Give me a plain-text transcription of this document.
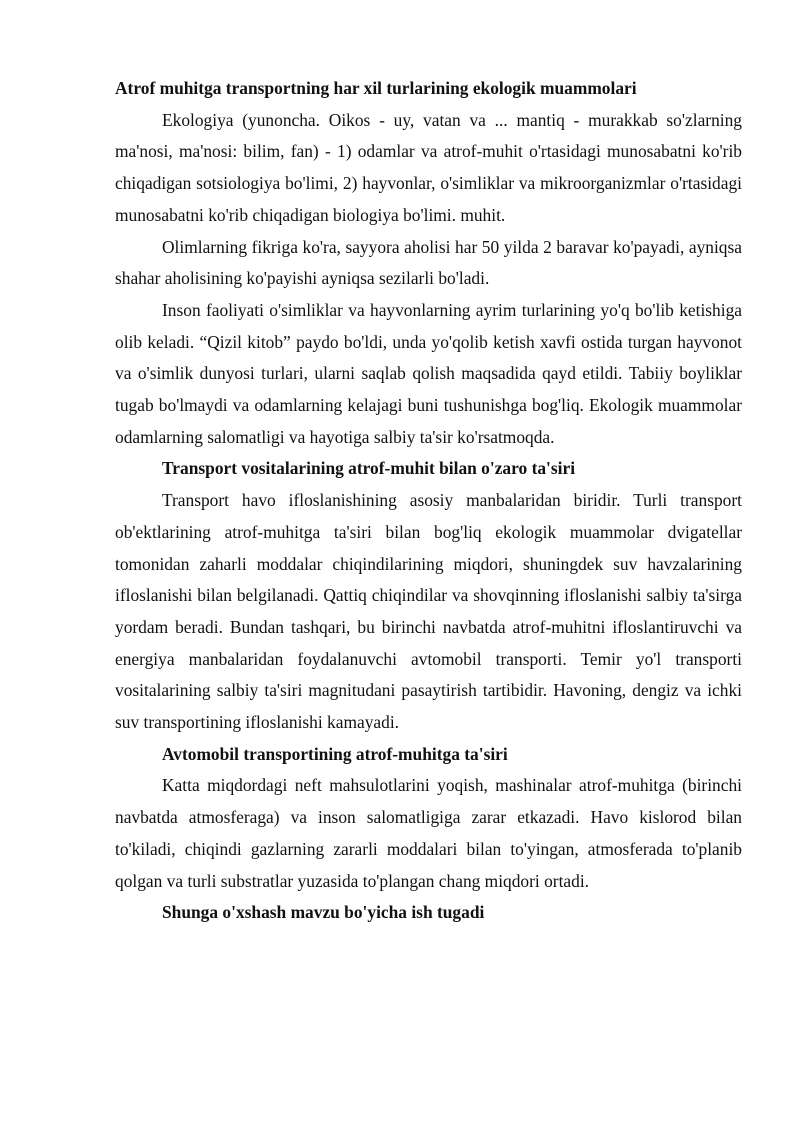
Atrof muhitga transportning har xil turlarining ekologik muammolari

Ekologiya (yunoncha. Oikos - uy, vatan va ... mantiq - murakkab so'zlarning ma'nosi, ma'nosi: bilim, fan) - 1) odamlar va atrof-muhit o'rtasidagi munosabatni ko'rib chiqadigan sotsiologiya bo'limi, 2) hayvonlar, o'simliklar va mikroorganizmlar o'rtasidagi munosabatni ko'rib chiqadigan biologiya bo'limi. muhit.

Olimlarning fikriga ko'ra, sayyora aholisi har 50 yilda 2 baravar ko'payadi, ayniqsa shahar aholisining ko'payishi ayniqsa sezilarli bo'ladi.

Inson faoliyati o'simliklar va hayvonlarning ayrim turlarining yo'q bo'lib ketishiga olib keladi. “Qizil kitob” paydo bo'ldi, unda yo'qolib ketish xavfi ostida turgan hayvonot va o'simlik dunyosi turlari, ularni saqlab qolish maqsadida qayd etildi. Tabiiy boyliklar tugab bo'lmaydi va odamlarning kelajagi buni tushunishga bog'liq. Ekologik muammolar odamlarning salomatligi va hayotiga salbiy ta'sir ko'rsatmoqda.

Transport vositalarining atrof-muhit bilan o'zaro ta'siri

Transport havo ifloslanishining asosiy manbalaridan biridir. Turli transport ob'ektlarining atrof-muhitga ta'siri bilan bog'liq ekologik muammolar dvigatellar tomonidan zaharli moddalar chiqindilarining miqdori, shuningdek suv havzalarining ifloslanishi bilan belgilanadi. Qattiq chiqindilar va shovqinning ifloslanishi salbiy ta'sirga yordam beradi. Bundan tashqari, bu birinchi navbatda atrof-muhitni ifloslantiruvchi va energiya manbalaridan foydalanuvchi avtomobil transporti. Temir yo'l transporti vositalarining salbiy ta'siri magnitudani pasaytirish tartibidir. Havoning, dengiz va ichki suv transportining ifloslanishi kamayadi.

Avtomobil transportining atrof-muhitga ta'siri

Katta miqdordagi neft mahsulotlarini yoqish, mashinalar atrof-muhitga (birinchi navbatda atmosferaga) va inson salomatligiga zarar etkazadi. Havo kislorod bilan to'kiladi, chiqindi gazlarning zararli moddalari bilan to'yingan, atmosferada to'planib qolgan va turli substratlar yuzasida to'plangan chang miqdori ortadi.

Shunga o'xshash mavzu bo'yicha ish tugadi
